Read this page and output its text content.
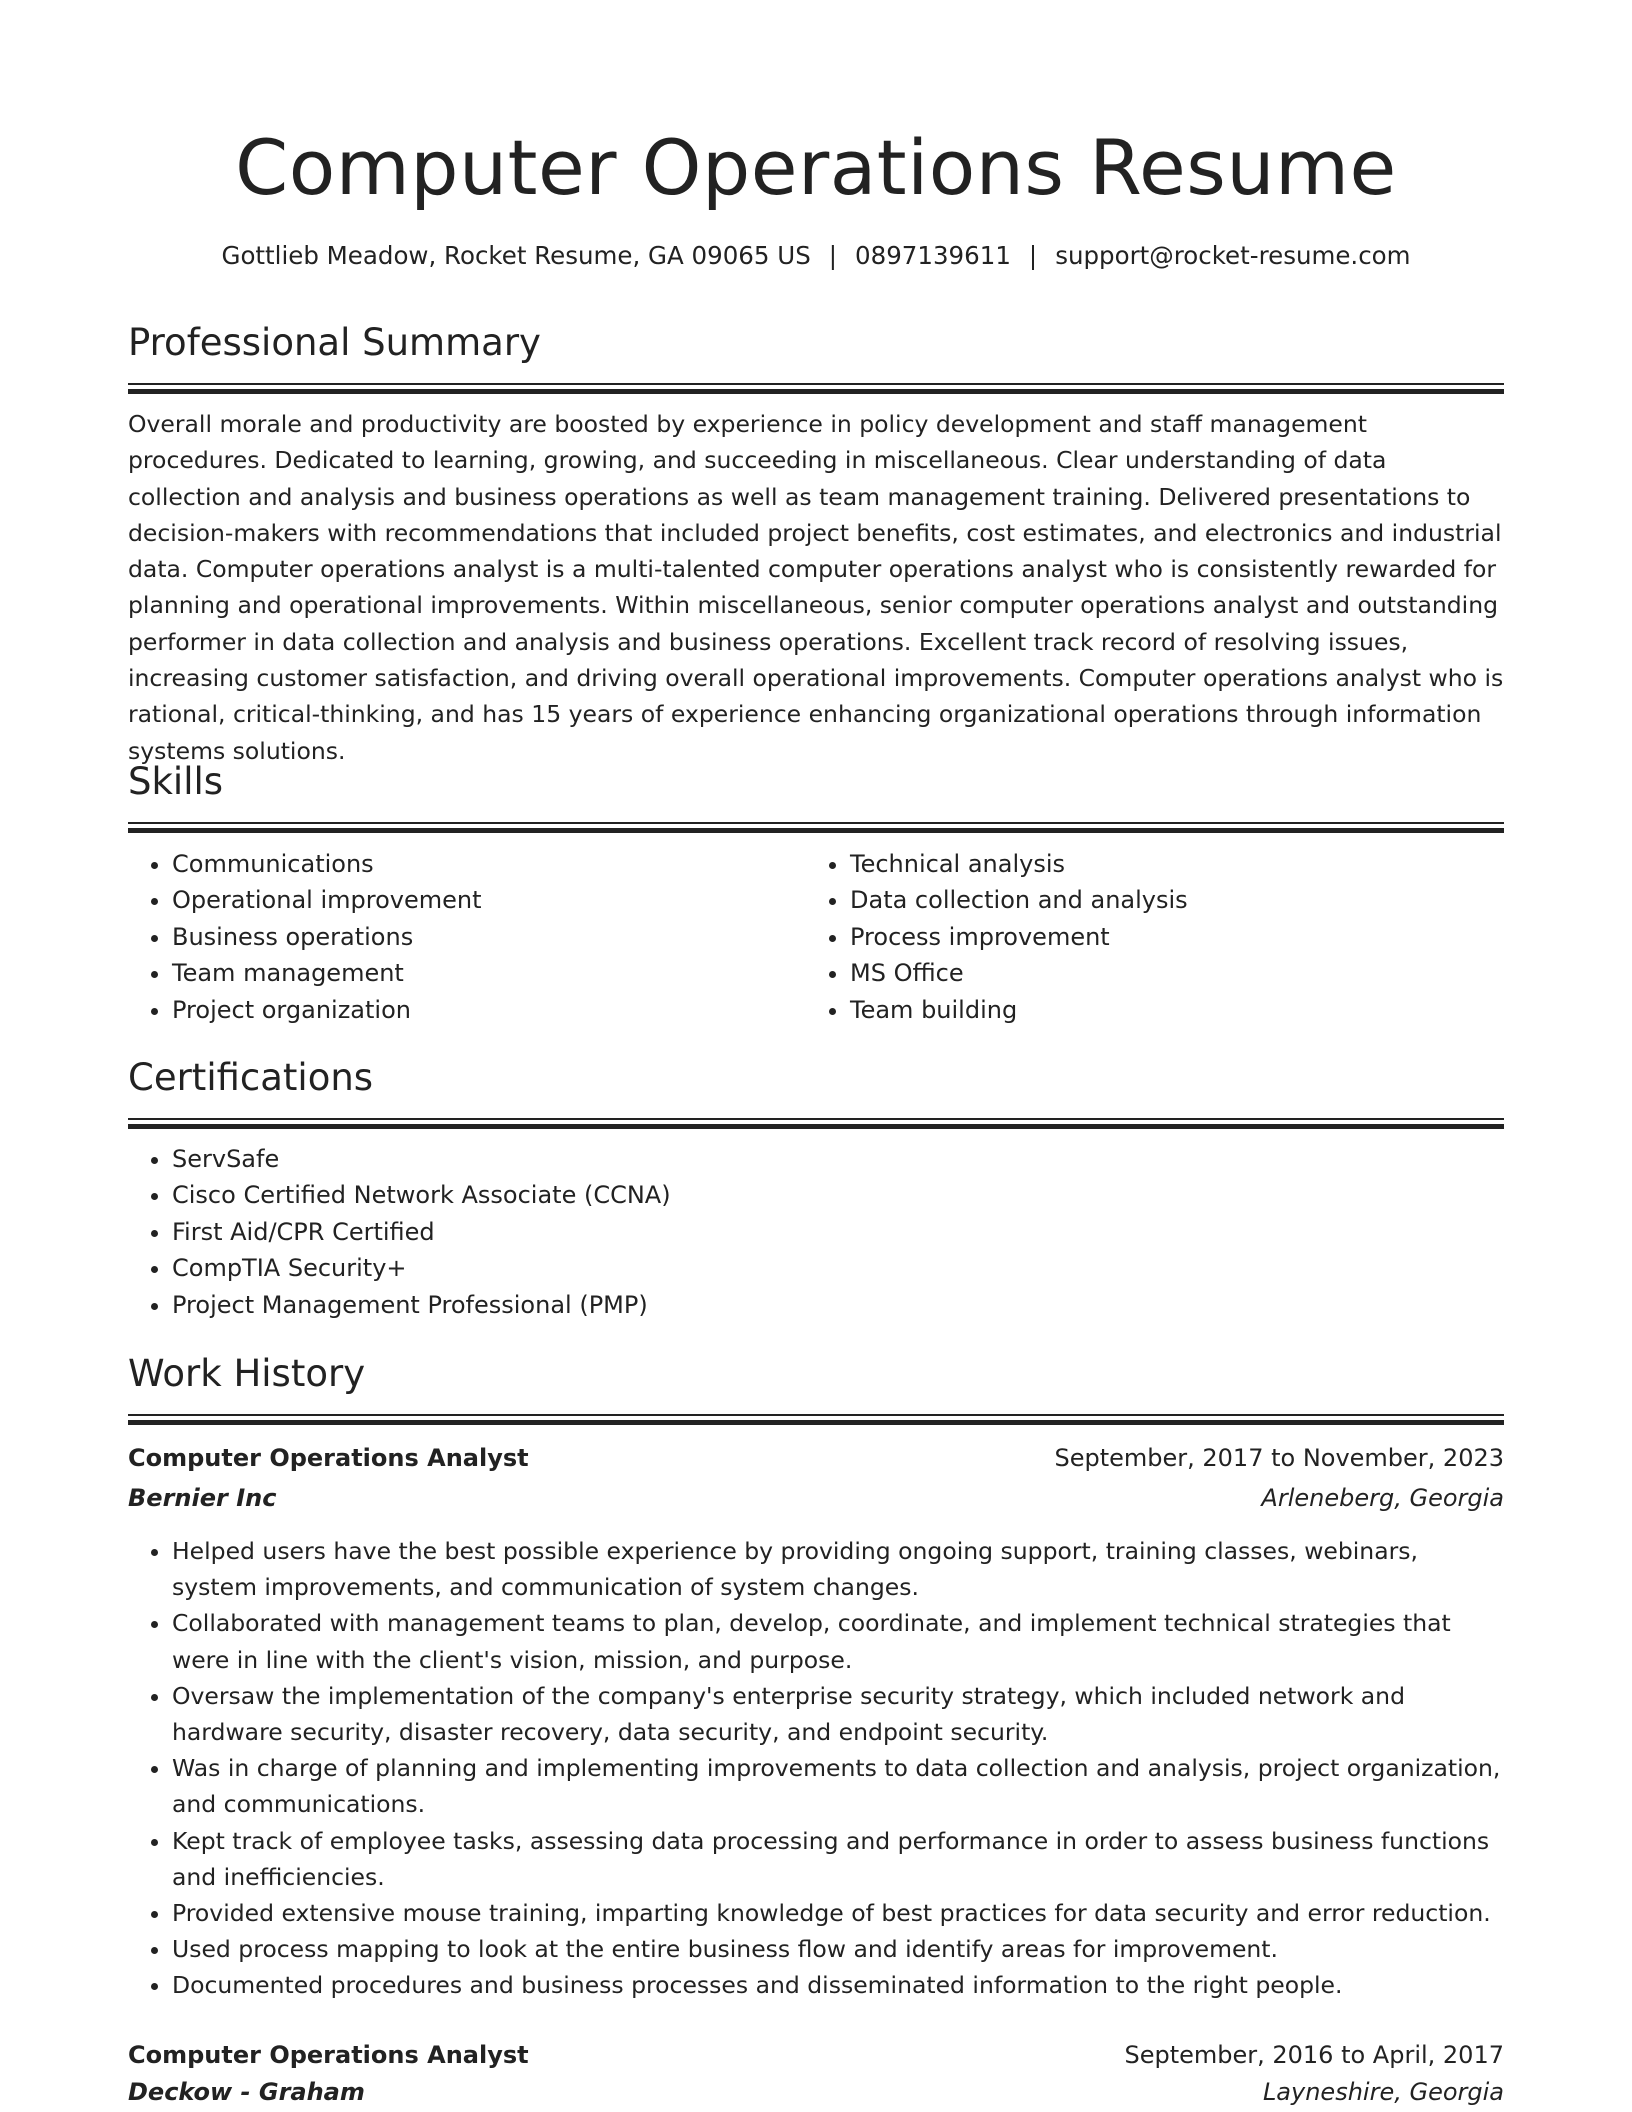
Computer Operations Resume
Gottlieb Meadow, Rocket Resume, GA 09065 US | 0897139611 | support@rocket-resume.com
Professional Summary

Overall morale and productivity are boosted by experience in policy development and staff management procedures. Dedicated to learning, growing, and succeeding in miscellaneous. Clear understanding of data collection and analysis and business operations as well as team management training. Delivered presentations to decision-makers with recommendations that included project benefits, cost estimates, and electronics and industrial data. Computer operations analyst is a multi-talented computer operations analyst who is consistently rewarded for planning and operational improvements. Within miscellaneous, senior computer operations analyst and outstanding performer in data collection and analysis and business operations. Excellent track record of resolving issues, increasing customer satisfaction, and driving overall operational improvements. Computer operations analyst who is rational, critical-thinking, and has 15 years of experience enhancing organizational operations through information systems solutions.

Skills
• Communications
• Operational improvement
• Business operations
• Team management
• Project organization
• Technical analysis
• Data collection and analysis
• Process improvement
• MS Office
• Team building
Certifications
• ServSafe
• Cisco Certified Network Associate (CCNA)
• First Aid/CPR Certified
• CompTIA Security+
• Project Management Professional (PMP)
Work History
Computer Operations Analyst	September, 2017 to November, 2023
Bernier Inc	Arleneberg, Georgia
• Helped users have the best possible experience by providing ongoing support, training classes, webinars, system improvements, and communication of system changes.
• Collaborated with management teams to plan, develop, coordinate, and implement technical strategies that were in line with the client's vision, mission, and purpose.
• Oversaw the implementation of the company's enterprise security strategy, which included network and hardware security, disaster recovery, data security, and endpoint security.
• Was in charge of planning and implementing improvements to data collection and analysis, project organization, and communications.
• Kept track of employee tasks, assessing data processing and performance in order to assess business functions and inefficiencies.
• Provided extensive mouse training, imparting knowledge of best practices for data security and error reduction.
• Used process mapping to look at the entire business flow and identify areas for improvement.
• Documented procedures and business processes and disseminated information to the right people.
Computer Operations Analyst	September, 2016 to April, 2017
Deckow - Graham	Layneshire, Georgia
